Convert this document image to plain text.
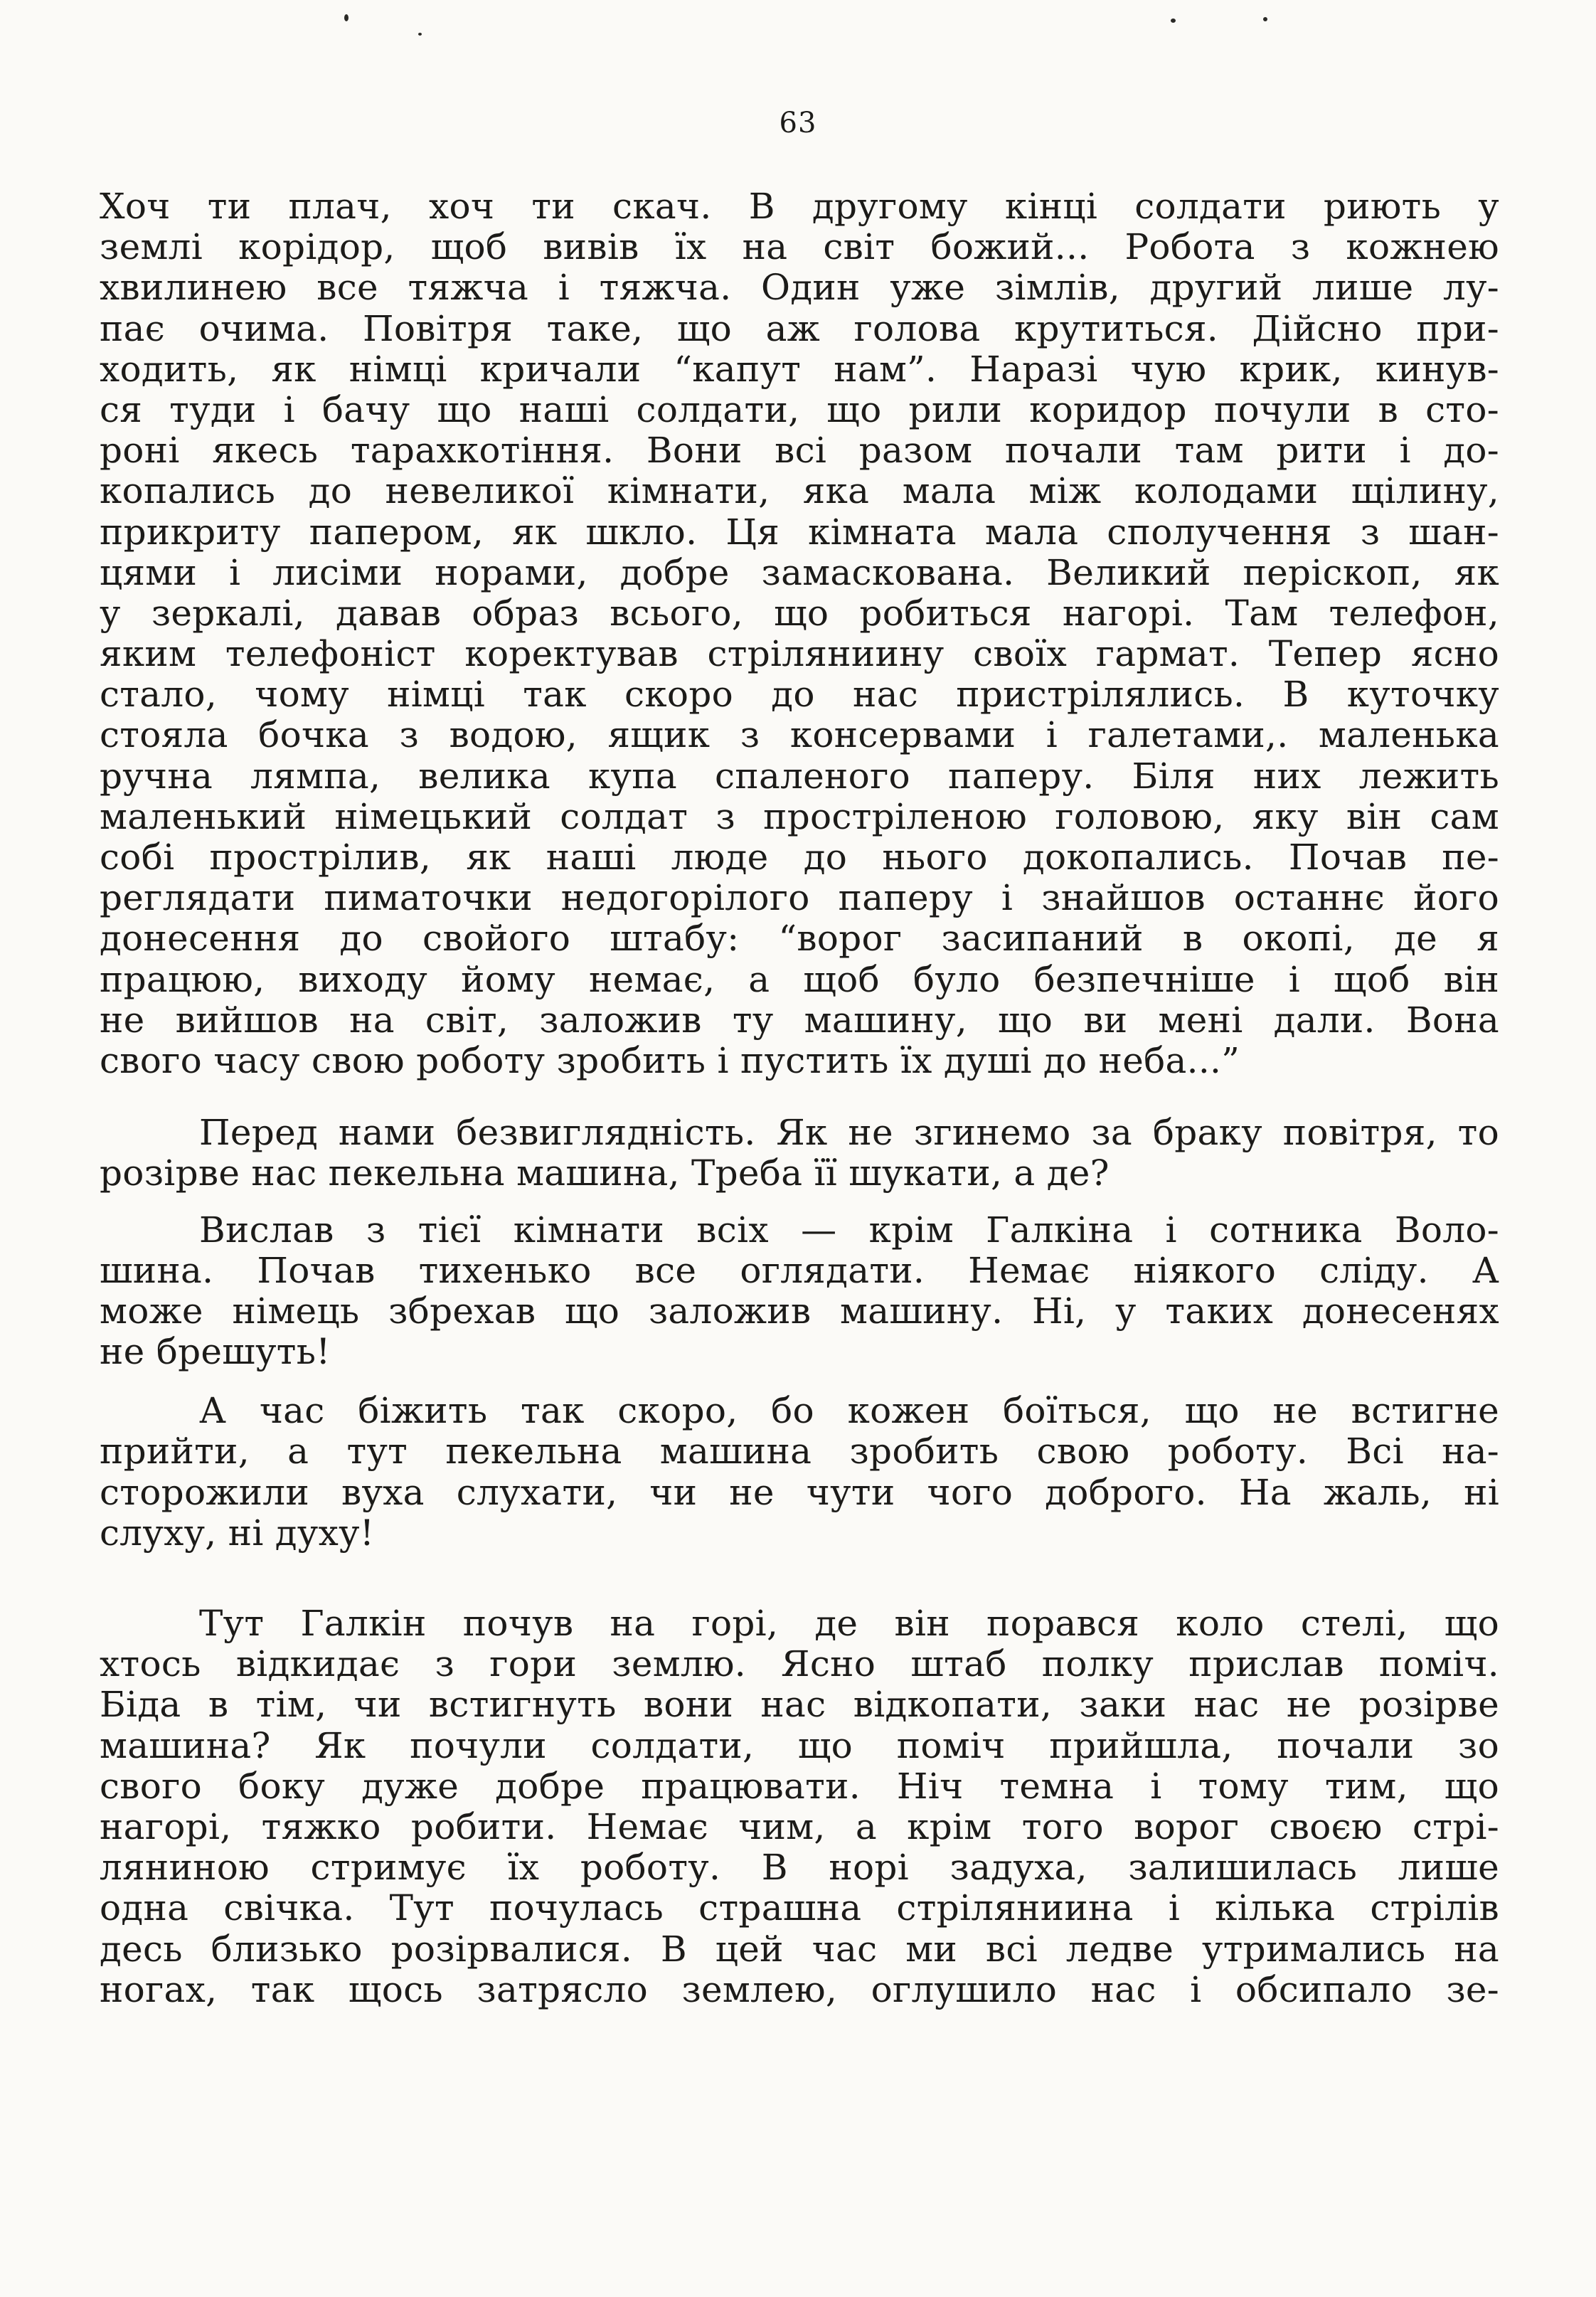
63
Хоч ти плач, хоч ти скач. В другому кінці солдати риють у
землі корідор, щоб вивів їх на світ божий... Робота з кожнею
хвилинею все тяжча і тяжча. Один уже зімлів, другий лише лу-
пає очима. Повітря таке, що аж голова крутиться. Дійсно при-
ходить, як німці кричали “капут нам”. Наразі чую крик, кинув-
ся туди і бачу що наші солдати, що рили коридор почули в сто-
роні якесь тарахкотіння. Вони всі разом почали там рити і до-
копались до невеликої кімнати, яка мала між колодами щілину,
прикриту папером, як шкло. Ця кімната мала сполучення з шан-
цями і лисіми норами, добре замаскована. Великий періскоп, як
у зеркалі, давав образ всього, що робиться нагорі. Там телефон,
яким телефоніст коректував стріляниину своїх гармат. Тепер ясно
стало, чому німці так скоро до нас пристрілялись. В куточку
стояла бочка з водою, ящик з консервами і галетами,. маленька
ручна лямпа, велика купа спаленого паперу. Біля них лежить
маленький німецький солдат з простріленою головою, яку він сам
собі прострілив, як наші люде до нього докопались. Почав пе-
реглядати пиматочки недогорілого паперу і знайшов останнє його
донесення до свойого штабу: “ворог засипаний в окопі, де я
працюю, виходу йому немає, а щоб було безпечніше і щоб він
не вийшов на світ, заложив ту машину, що ви мені дали. Вона
свого часу свою роботу зробить і пустить їх душі до неба...”
Перед нами безвиглядність. Як не згинемо за браку повітря, то
розірве нас пекельна машина, Треба її шукати, а де?
Вислав з тієї кімнати всіх — крім Галкіна і сотника Воло-
шина. Почав тихенько все оглядати. Немає ніякого сліду. А
може німець збрехав що заложив машину. Ні, у таких донесенях
не брешуть!
А час біжить так скоро, бо кожен боїться, що не встигне
прийти, а тут пекельна машина зробить свою роботу. Всі на-
сторожили вуха слухати, чи не чути чого доброго. На жаль, ні
слуху, ні духу!
Тут Галкін почув на горі, де він порався коло стелі, що
хтось відкидає з гори землю. Ясно штаб полку прислав поміч.
Біда в тім, чи встигнуть вони нас відкопати, заки нас не розірве
машина? Як почули солдати, що поміч прийшла, почали зо
свого боку дуже добре працювати. Ніч темна і тому тим, що
нагорі, тяжко робити. Немає чим, а крім того ворог своєю стрі-
ляниною стримує їх роботу. В норі задуха, залишилась лише
одна свічка. Тут почулась страшна стріляниина і кілька стрілів
десь близько розірвалися. В цей час ми всі ледве утримались на
ногах, так щось затрясло землею, оглушило нас і обсипало зе-
